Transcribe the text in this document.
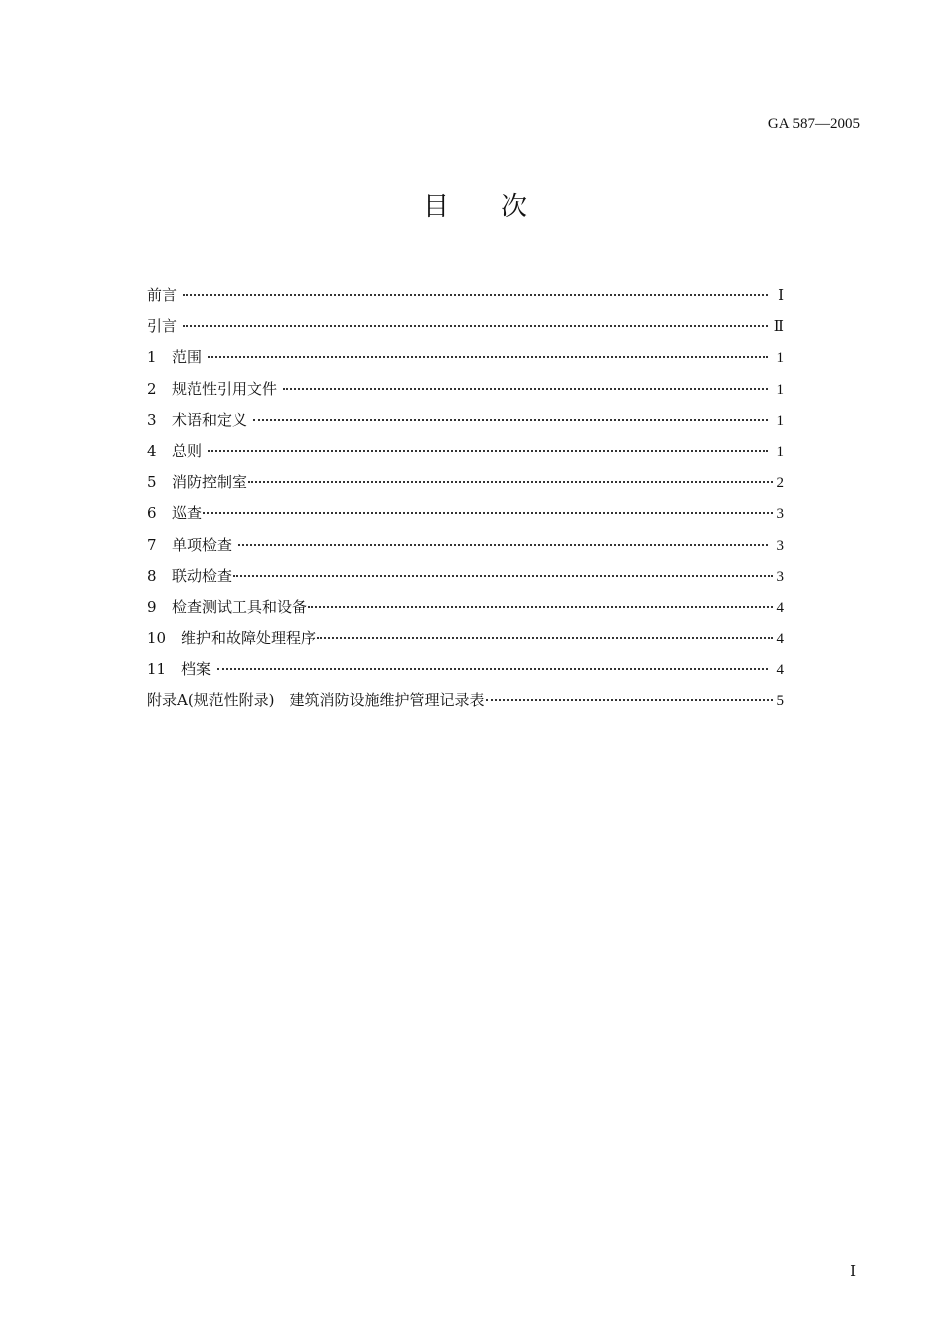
GA 587—2005
目次
前言	Ⅰ
引言	Ⅱ
1	范围	1
2	规范性引用文件	1
3	术语和定义	1
4	总则	1
5	消防控制室	2
6	巡查	3
7	单项检查	3
8	联动检查	3
9	检查测试工具和设备	4
10 维护和故障处理程序	4
11 档案	4
附录A(规范性附录)　建筑消防设施维护管理记录表	5
Ⅰ
